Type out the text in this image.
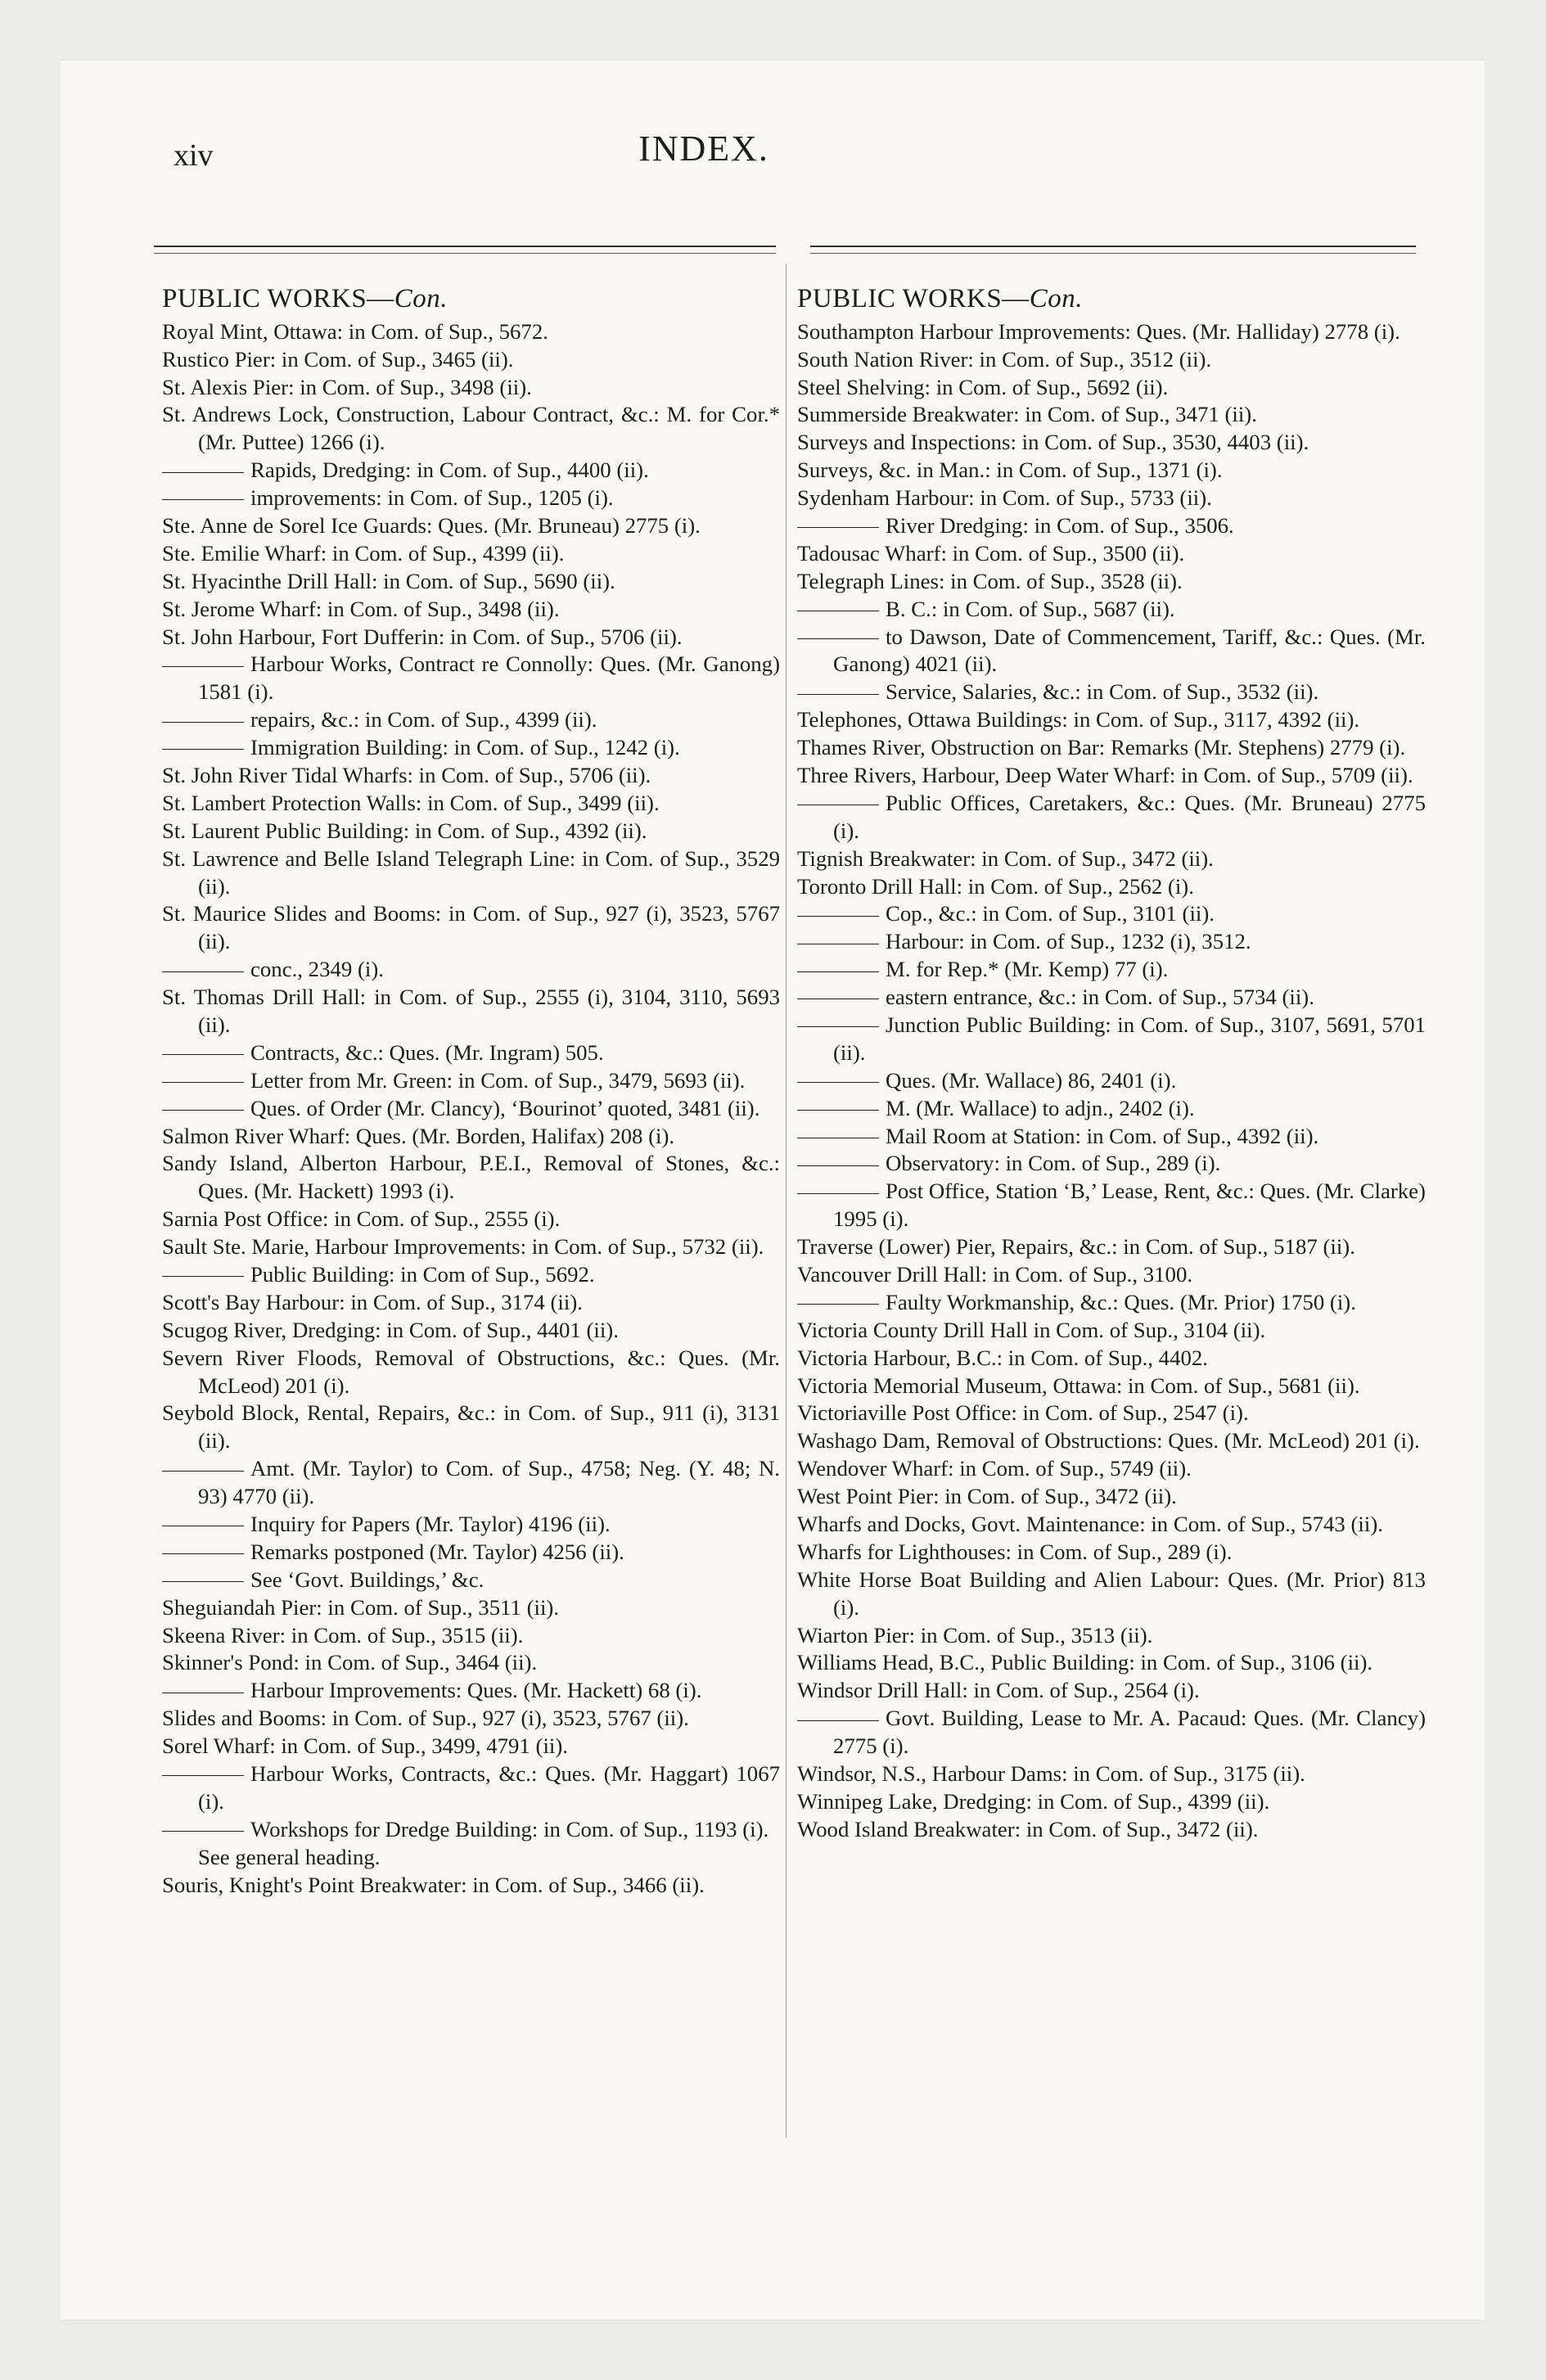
xiv	INDEX.
PUBLIC WORKS—Con.

Royal Mint, Ottawa: in Com. of Sup., 5672.

Rustico Pier: in Com. of Sup., 3465 (ii).

St. Alexis Pier: in Com. of Sup., 3498 (ii).

St. Andrews Lock, Construction, Labour Contract, &c.: M. for Cor.* (Mr. Puttee) 1266 (i).

Rapids, Dredging: in Com. of Sup., 4400 (ii).

improvements: in Com. of Sup., 1205 (i).

Ste. Anne de Sorel Ice Guards: Ques. (Mr. Bruneau) 2775 (i).

Ste. Emilie Wharf: in Com. of Sup., 4399 (ii).

St. Hyacinthe Drill Hall: in Com. of Sup., 5690 (ii).

St. Jerome Wharf: in Com. of Sup., 3498 (ii).

St. John Harbour, Fort Dufferin: in Com. of Sup., 5706 (ii).

Harbour Works, Contract re Connolly: Ques. (Mr. Ganong) 1581 (i).

repairs, &c.: in Com. of Sup., 4399 (ii).

Immigration Building: in Com. of Sup., 1242 (i).

St. John River Tidal Wharfs: in Com. of Sup., 5706 (ii).

St. Lambert Protection Walls: in Com. of Sup., 3499 (ii).

St. Laurent Public Building: in Com. of Sup., 4392 (ii).

St. Lawrence and Belle Island Telegraph Line: in Com. of Sup., 3529 (ii).

St. Maurice Slides and Booms: in Com. of Sup., 927 (i), 3523, 5767 (ii).

conc., 2349 (i).

St. Thomas Drill Hall: in Com. of Sup., 2555 (i), 3104, 3110, 5693 (ii).

Contracts, &c.: Ques. (Mr. Ingram) 505.

Letter from Mr. Green: in Com. of Sup., 3479, 5693 (ii).

Ques. of Order (Mr. Clancy), ‘Bourinot’ quoted, 3481 (ii).

Salmon River Wharf: Ques. (Mr. Borden, Halifax) 208 (i).

Sandy Island, Alberton Harbour, P.E.I., Removal of Stones, &c.: Ques. (Mr. Hackett) 1993 (i).

Sarnia Post Office: in Com. of Sup., 2555 (i).

Sault Ste. Marie, Harbour Improvements: in Com. of Sup., 5732 (ii).

Public Building: in Com of Sup., 5692.

Scott's Bay Harbour: in Com. of Sup., 3174 (ii).

Scugog River, Dredging: in Com. of Sup., 4401 (ii).

Severn River Floods, Removal of Obstructions, &c.: Ques. (Mr. McLeod) 201 (i).

Seybold Block, Rental, Repairs, &c.: in Com. of Sup., 911 (i), 3131 (ii).

Amt. (Mr. Taylor) to Com. of Sup., 4758; Neg. (Y. 48; N. 93) 4770 (ii).

Inquiry for Papers (Mr. Taylor) 4196 (ii).

Remarks postponed (Mr. Taylor) 4256 (ii).

See ‘Govt. Buildings,’ &c.

Sheguiandah Pier: in Com. of Sup., 3511 (ii).

Skeena River: in Com. of Sup., 3515 (ii).

Skinner's Pond: in Com. of Sup., 3464 (ii).

Harbour Improvements: Ques. (Mr. Hackett) 68 (i).

Slides and Booms: in Com. of Sup., 927 (i), 3523, 5767 (ii).

Sorel Wharf: in Com. of Sup., 3499, 4791 (ii).

Harbour Works, Contracts, &c.: Ques. (Mr. Haggart) 1067 (i).

Workshops for Dredge Building: in Com. of Sup., 1193 (i).

See general heading.

Souris, Knight's Point Breakwater: in Com. of Sup., 3466 (ii).

PUBLIC WORKS—Con.

Southampton Harbour Improvements: Ques. (Mr. Halliday) 2778 (i).

South Nation River: in Com. of Sup., 3512 (ii).

Steel Shelving: in Com. of Sup., 5692 (ii).

Summerside Breakwater: in Com. of Sup., 3471 (ii).

Surveys and Inspections: in Com. of Sup., 3530, 4403 (ii).

Surveys, &c. in Man.: in Com. of Sup., 1371 (i).

Sydenham Harbour: in Com. of Sup., 5733 (ii).

River Dredging: in Com. of Sup., 3506.

Tadousac Wharf: in Com. of Sup., 3500 (ii).

Telegraph Lines: in Com. of Sup., 3528 (ii).

B. C.: in Com. of Sup., 5687 (ii).

to Dawson, Date of Commencement, Tariff, &c.: Ques. (Mr. Ganong) 4021 (ii).

Service, Salaries, &c.: in Com. of Sup., 3532 (ii).

Telephones, Ottawa Buildings: in Com. of Sup., 3117, 4392 (ii).

Thames River, Obstruction on Bar: Remarks (Mr. Stephens) 2779 (i).

Three Rivers, Harbour, Deep Water Wharf: in Com. of Sup., 5709 (ii).

Public Offices, Caretakers, &c.: Ques. (Mr. Bruneau) 2775 (i).

Tignish Breakwater: in Com. of Sup., 3472 (ii).

Toronto Drill Hall: in Com. of Sup., 2562 (i).

Cop., &c.: in Com. of Sup., 3101 (ii).

Harbour: in Com. of Sup., 1232 (i), 3512.

M. for Rep.* (Mr. Kemp) 77 (i).

eastern entrance, &c.: in Com. of Sup., 5734 (ii).

Junction Public Building: in Com. of Sup., 3107, 5691, 5701 (ii).

Ques. (Mr. Wallace) 86, 2401 (i).

M. (Mr. Wallace) to adjn., 2402 (i).

Mail Room at Station: in Com. of Sup., 4392 (ii).

Observatory: in Com. of Sup., 289 (i).

Post Office, Station ‘B,’ Lease, Rent, &c.: Ques. (Mr. Clarke) 1995 (i).

Traverse (Lower) Pier, Repairs, &c.: in Com. of Sup., 5187 (ii).

Vancouver Drill Hall: in Com. of Sup., 3100.

Faulty Workmanship, &c.: Ques. (Mr. Prior) 1750 (i).

Victoria County Drill Hall in Com. of Sup., 3104 (ii).

Victoria Harbour, B.C.: in Com. of Sup., 4402.

Victoria Memorial Museum, Ottawa: in Com. of Sup., 5681 (ii).

Victoriaville Post Office: in Com. of Sup., 2547 (i).

Washago Dam, Removal of Obstructions: Ques. (Mr. McLeod) 201 (i).

Wendover Wharf: in Com. of Sup., 5749 (ii).

West Point Pier: in Com. of Sup., 3472 (ii).

Wharfs and Docks, Govt. Maintenance: in Com. of Sup., 5743 (ii).

Wharfs for Lighthouses: in Com. of Sup., 289 (i).

White Horse Boat Building and Alien Labour: Ques. (Mr. Prior) 813 (i).

Wiarton Pier: in Com. of Sup., 3513 (ii).

Williams Head, B.C., Public Building: in Com. of Sup., 3106 (ii).

Windsor Drill Hall: in Com. of Sup., 2564 (i).

Govt. Building, Lease to Mr. A. Pacaud: Ques. (Mr. Clancy) 2775 (i).

Windsor, N.S., Harbour Dams: in Com. of Sup., 3175 (ii).

Winnipeg Lake, Dredging: in Com. of Sup., 4399 (ii).

Wood Island Breakwater: in Com. of Sup., 3472 (ii).
